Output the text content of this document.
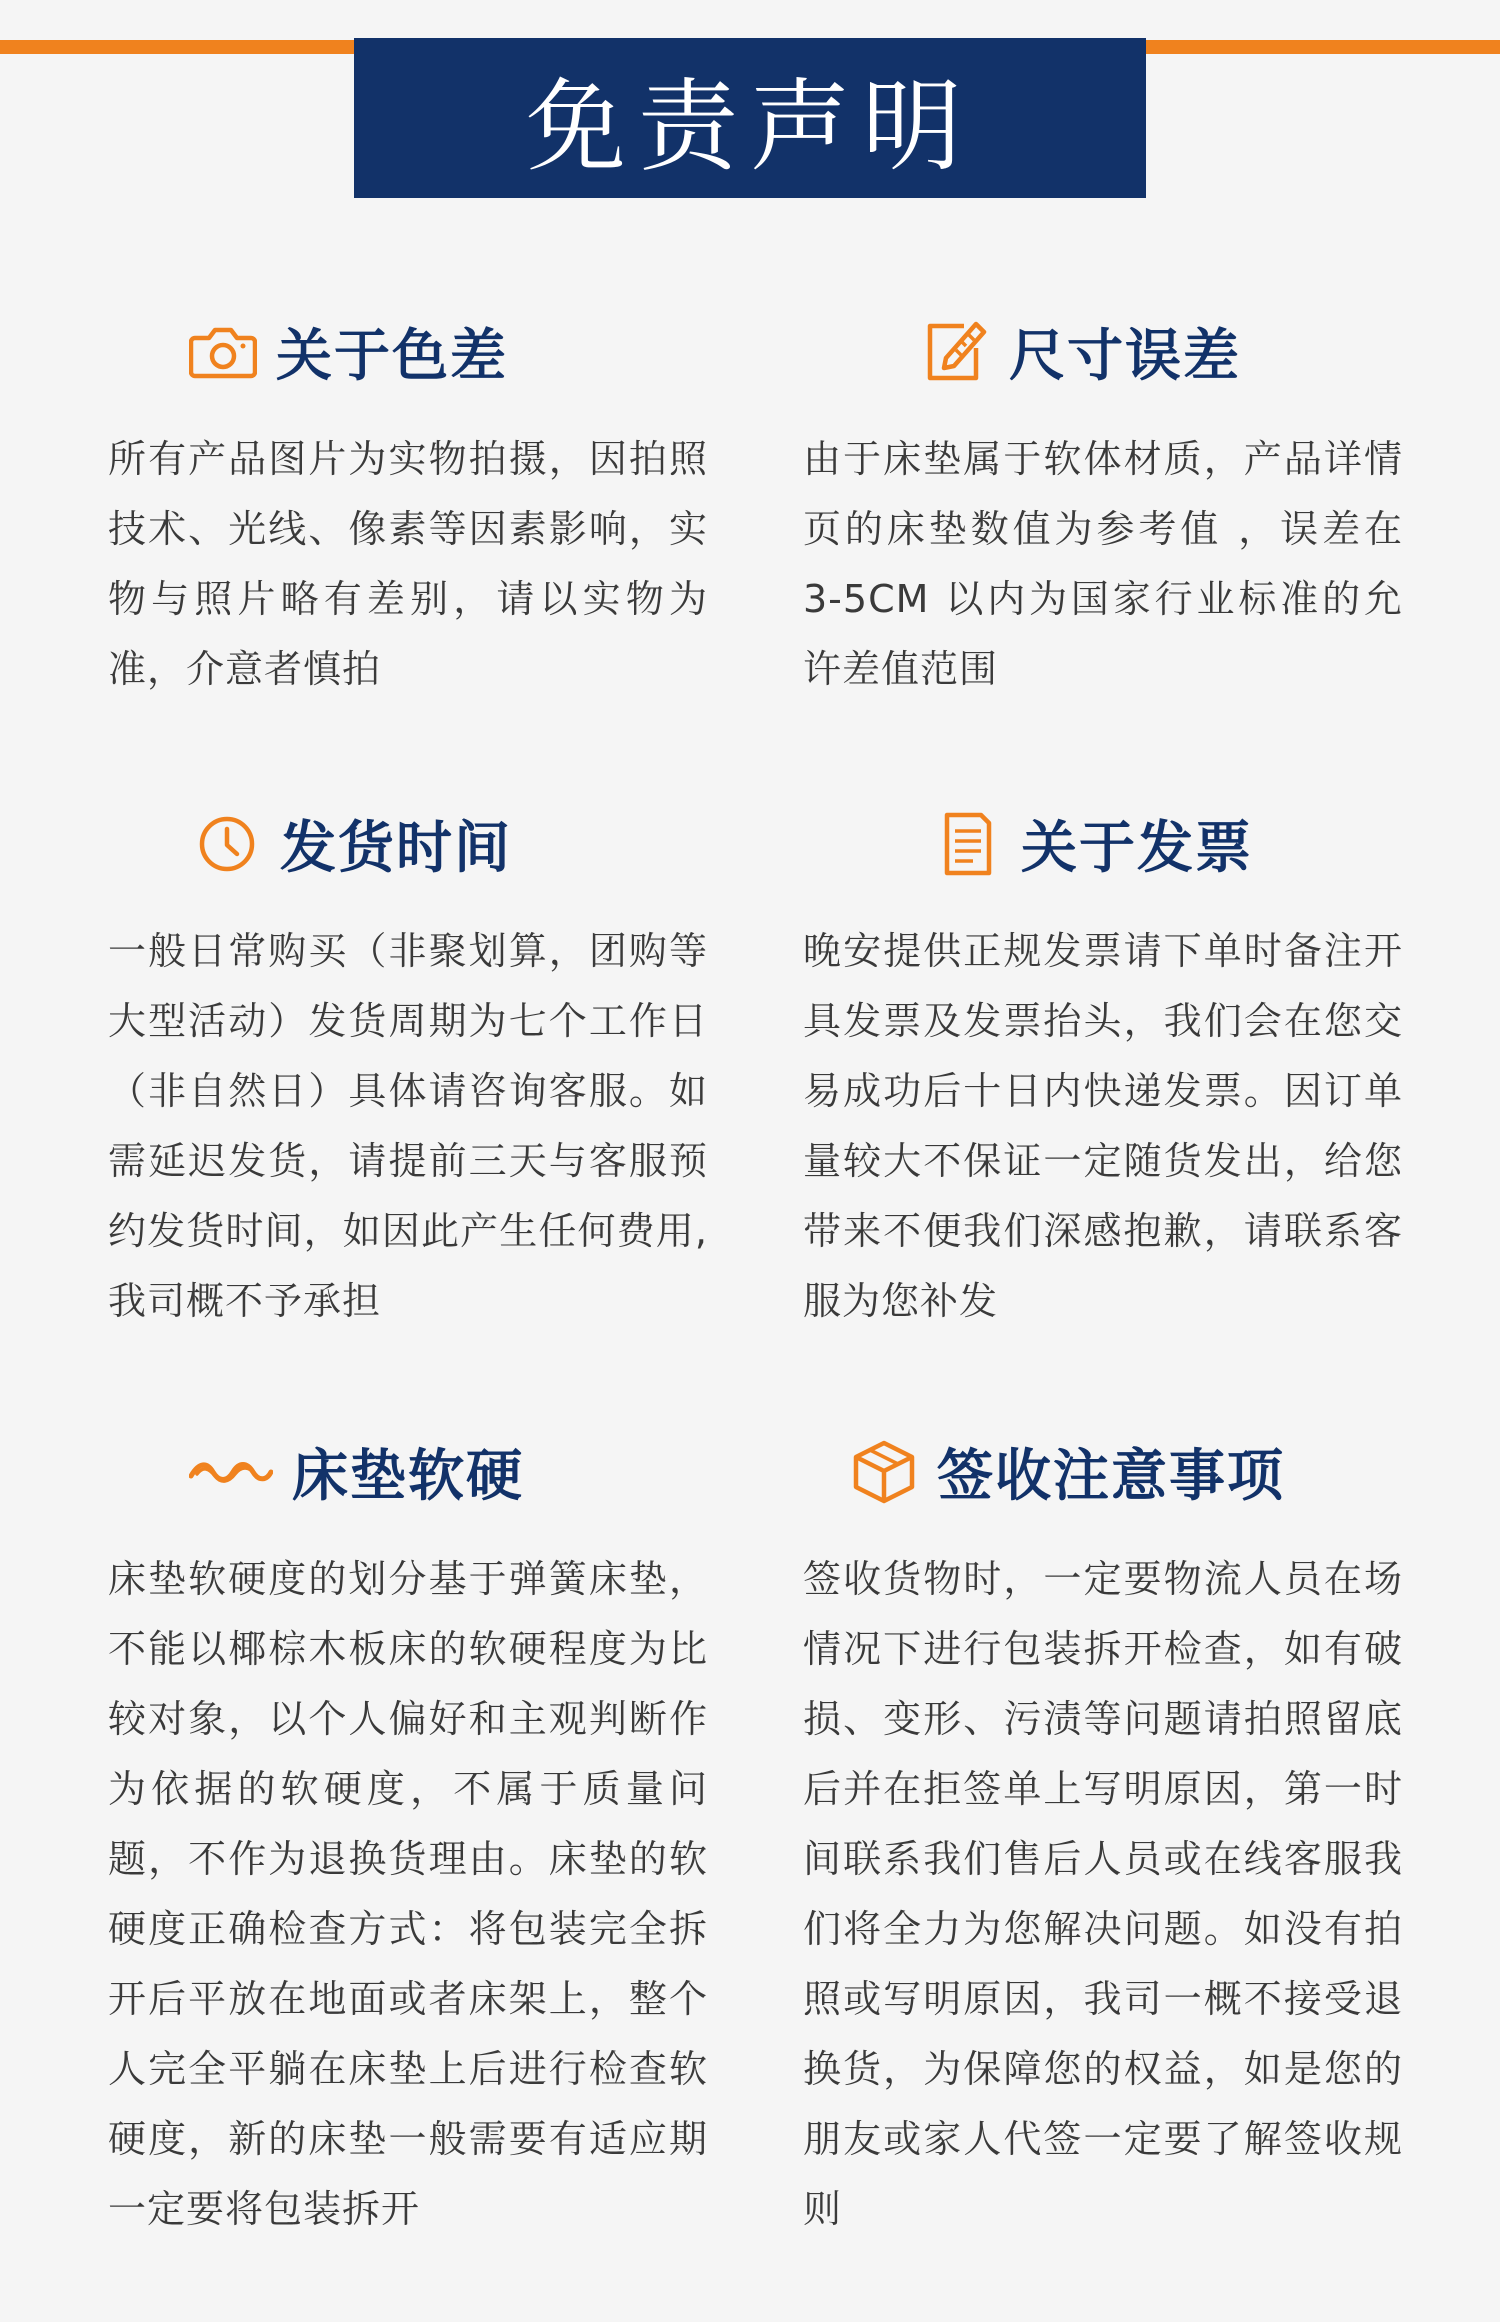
免责声明
关于色差
所有产品图片为实物拍摄，因拍照技术、光线、像素等因素影响，实物与照片略有差别，请以实物为准，介意者慎拍
尺寸误差
由于床垫属于软体材质，产品详情页的床垫数值为参考值 ，误差在 3-5CM 以内为国家行业标准的允许差值范围
发货时间
一般日常购买（非聚划算，团购等大型活动）发货周期为七个工作日（非自然日）具体请咨询客服。如需延迟发货，请提前三天与客服预约发货时间，如因此产生任何费用,我司概不予承担
关于发票
晚安提供正规发票请下单时备注开具发票及发票抬头，我们会在您交易成功后十日内快递发票。因订单量较大不保证一定随货发出，给您带来不便我们深感抱歉，请联系客服为您补发
床垫软硬
床垫软硬度的划分基于弹簧床垫，不能以椰棕木板床的软硬程度为比较对象，以个人偏好和主观判断作为依据的软硬度，不属于质量问题，不作为退换货理由。床垫的软硬度正确检查方式：将包装完全拆开后平放在地面或者床架上，整个人完全平躺在床垫上后进行检查软硬度，新的床垫一般需要有适应期一定要将包装拆开
签收注意事项
签收货物时，一定要物流人员在场情况下进行包装拆开检查，如有破损、变形、污渍等问题请拍照留底后并在拒签单上写明原因，第一时间联系我们售后人员或在线客服我们将全力为您解决问题。如没有拍照或写明原因，我司一概不接受退换货，为保障您的权益，如是您的朋友或家人代签一定要了解签收规则
